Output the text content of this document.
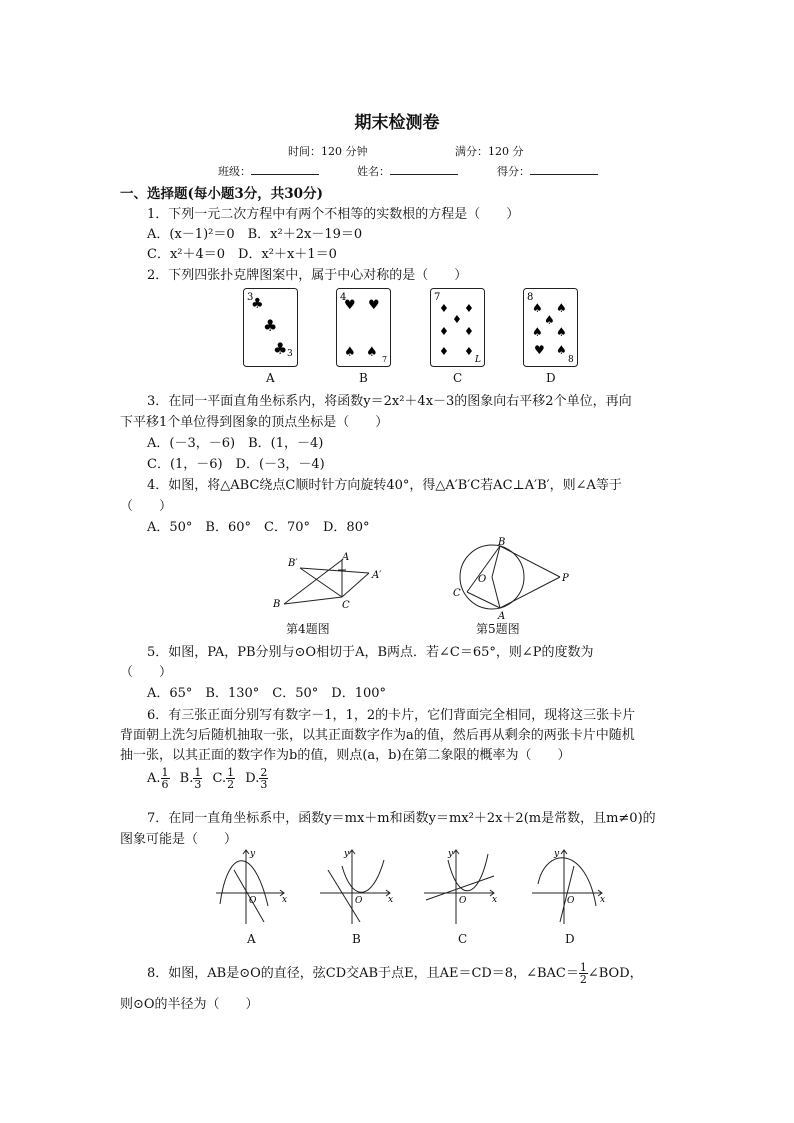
期末检测卷
时间：120 分钟	满分：120 分
班级：	姓名：	得分：
一、选择题(每小题3分，共30分)
1．下列一元二次方程中有两个不相等的实数根的方程是（　　）
A．(x－1)²＝0　B．x²＋2x－19＝0
C．x²＋4＝0　D．x²＋x＋1＝0
2．下列四张扑克牌图案中，属于中心对称的是（　　）
3
♣
♣
♣ 3
4
♥ ♥
♠ ♠ 7
7
♦ ♦
♦
♦ ♦
♦ ♦
L
8
♠ ♠
♠
♠ ♠
♥ ♠
8
A	B	C	D
3．在同一平面直角坐标系内，将函数y＝2x²＋4x－3的图象向右平移2个单位，再向
下平移1个单位得到图象的顶点坐标是（　　）
A．(－3，－6)　B．(1，－4)
C．(1，－6)　D．(－3，－4)
4．如图，将△ABC绕点C顺时针方向旋转40°，得△A′B′C若AC⊥A′B′，则∠A等于
（　　）
A．50°　B．60°　C．70°　D．80°
B′
A
A′
B	C
第4题图
B
O	P
C
A
第5题图
5．如图，PA，PB分别与⊙O相切于A，B两点．若∠C＝65°，则∠P的度数为
（　　）
A．65°　B．130°　C．50°　D．100°
6．有三张正面分别写有数字－1，1，2的卡片，它们背面完全相同，现将这三张卡片
背面朝上洗匀后随机抽取一张，以其正面数字作为a的值，然后再从剩余的两张卡片中随机
抽一张，以其正面的数字作为b的值，则点(a，b)在第二象限的概率为（　　）
A. $\frac{1}{6} B$. $\frac{1}{3} C$. $\frac{1}{2} D$. $\frac{2}{3}$
7．在同一直角坐标系中，函数y＝mx＋m和函数y＝mx²＋2x＋2(m是常数，且m≠0)的
图象可能是（　　）
y
x
O
y
x
O
y
x
O
y
x
O
A	B	C	D
8．如图，AB是⊙O的直径，弦CD交AB于点E，且AE＝CD＝8，∠BAC＝ $\frac{1}{2}$ ∠BOD，
则⊙O的半径为（　　）
